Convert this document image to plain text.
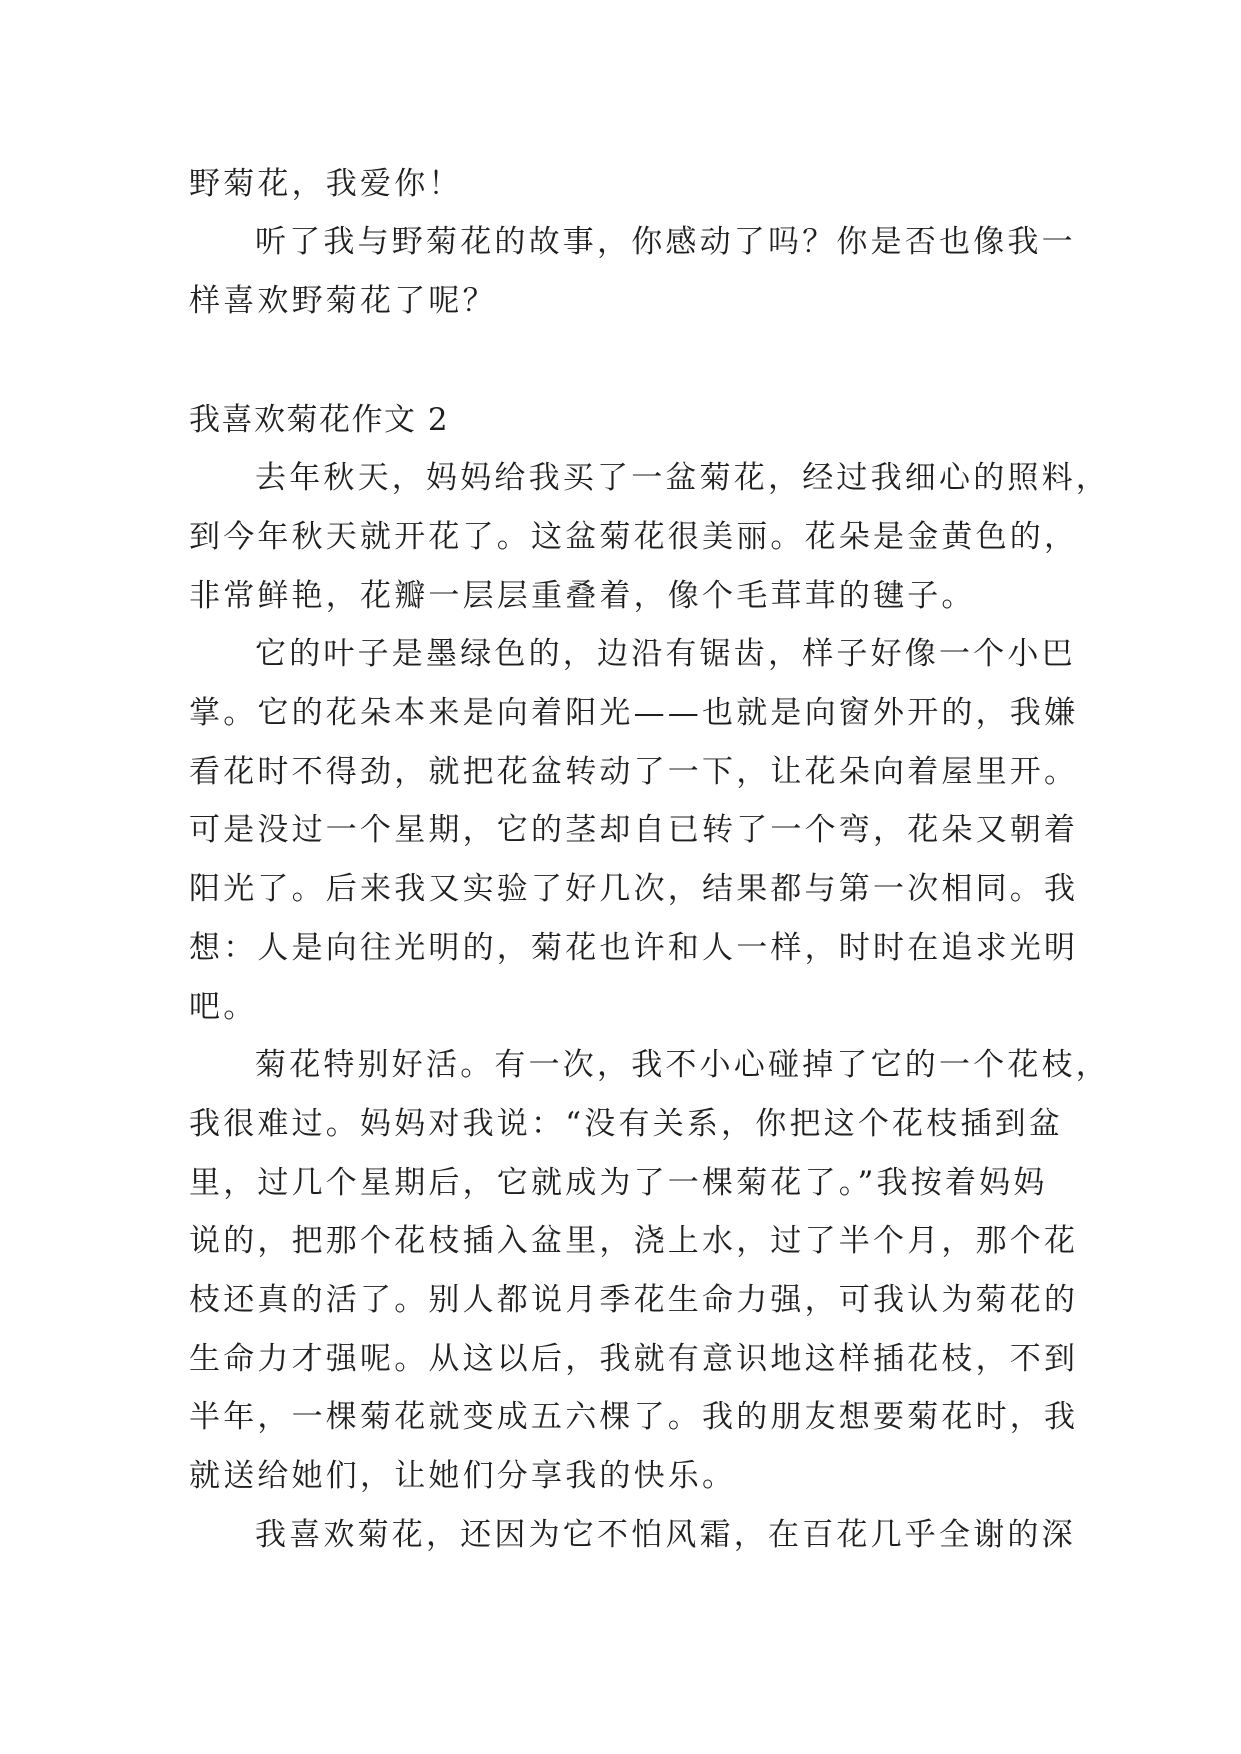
野菊花，我爱你！
听了我与野菊花的故事，你感动了吗？你是否也像我一
样喜欢野菊花了呢？
我喜欢菊花作文 2
去年秋天，妈妈给我买了一盆菊花，经过我细心的照料，
到今年秋天就开花了。这盆菊花很美丽。花朵是金黄色的，
非常鲜艳，花瓣一层层重叠着，像个毛茸茸的毽子。
它的叶子是墨绿色的，边沿有锯齿，样子好像一个小巴
掌。它的花朵本来是向着阳光——也就是向窗外开的，我嫌
看花时不得劲，就把花盆转动了一下，让花朵向着屋里开。
可是没过一个星期，它的茎却自已转了一个弯，花朵又朝着
阳光了。后来我又实验了好几次，结果都与第一次相同。我
想：人是向往光明的，菊花也许和人一样，时时在追求光明
吧。
菊花特别好活。有一次，我不小心碰掉了它的一个花枝，
我很难过。妈妈对我说：“没有关系，你把这个花枝插到盆
里，过几个星期后，它就成为了一棵菊花了。”我按着妈妈
说的，把那个花枝插入盆里，浇上水，过了半个月，那个花
枝还真的活了。别人都说月季花生命力强，可我认为菊花的
生命力才强呢。从这以后，我就有意识地这样插花枝，不到
半年，一棵菊花就变成五六棵了。我的朋友想要菊花时，我
就送给她们，让她们分享我的快乐。
我喜欢菊花，还因为它不怕风霜，在百花几乎全谢的深
